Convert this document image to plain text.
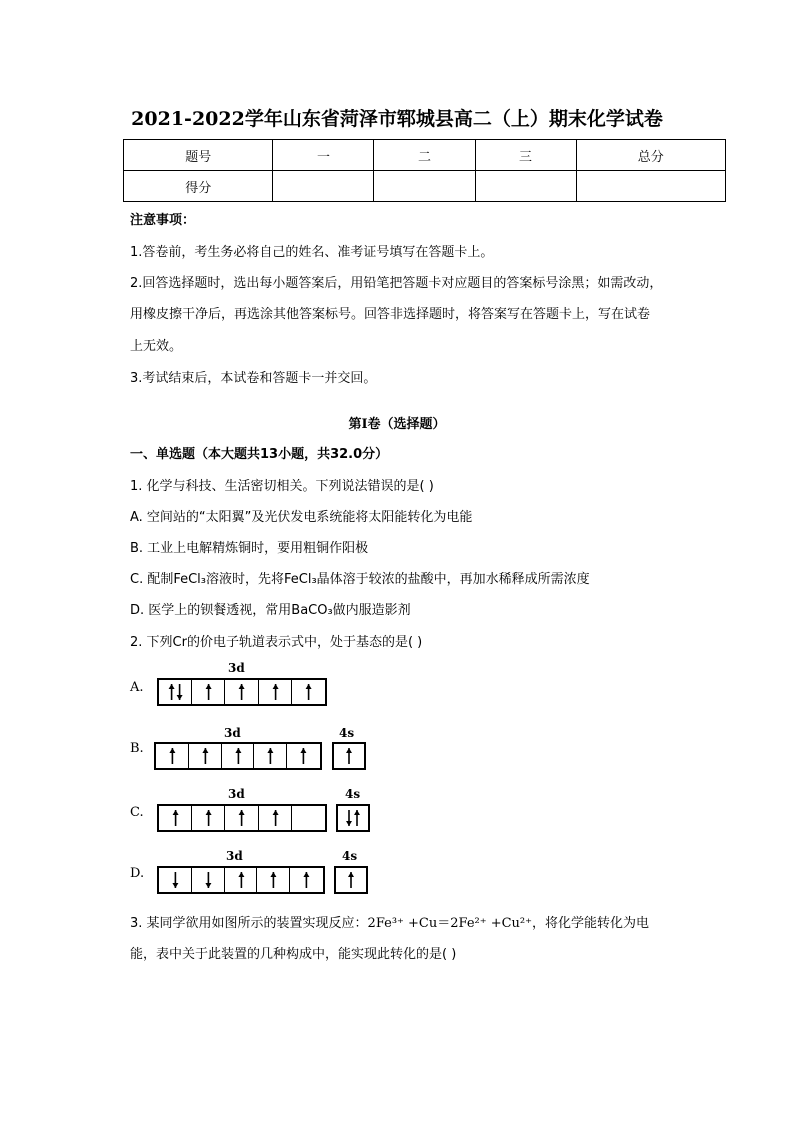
2021-2022学年山东省菏泽市郓城县高二（上）期末化学试卷
题号	一	二	三	总分
得分				
注意事项：
1.答卷前，考生务必将自己的姓名、准考证号填写在答题卡上。
2.回答选择题时，选出每小题答案后，用铅笔把答题卡对应题目的答案标号涂黑；如需改动，
用橡皮擦干净后，再选涂其他答案标号。回答非选择题时，将答案写在答题卡上，写在试卷
上无效。
3.考试结束后，本试卷和答题卡一并交回。
第I卷（选择题）
一、单选题（本大题共13小题，共32.0分）
1. 化学与科技、生活密切相关。下列说法错误的是( )
A. 空间站的“太阳翼”及光伏发电系统能将太阳能转化为电能
B. 工业上电解精炼铜时，要用粗铜作阳极
C. 配制FeCl₃溶液时，先将FeCl₃晶体溶于较浓的盐酸中，再加水稀释成所需浓度
D. 医学上的钡餐透视，常用BaCO₃做内服造影剂
2. 下列Cr的价电子轨道表示式中，处于基态的是( )
A.
3d
B.
3d	4s
C.
3d	4s
D.
3d	4s
3. 某同学欲用如图所示的装置实现反应：2Fe³⁺ +Cu＝2Fe²⁺ +Cu²⁺，将化学能转化为电
能，表中关于此装置的几种构成中，能实现此转化的是( )
